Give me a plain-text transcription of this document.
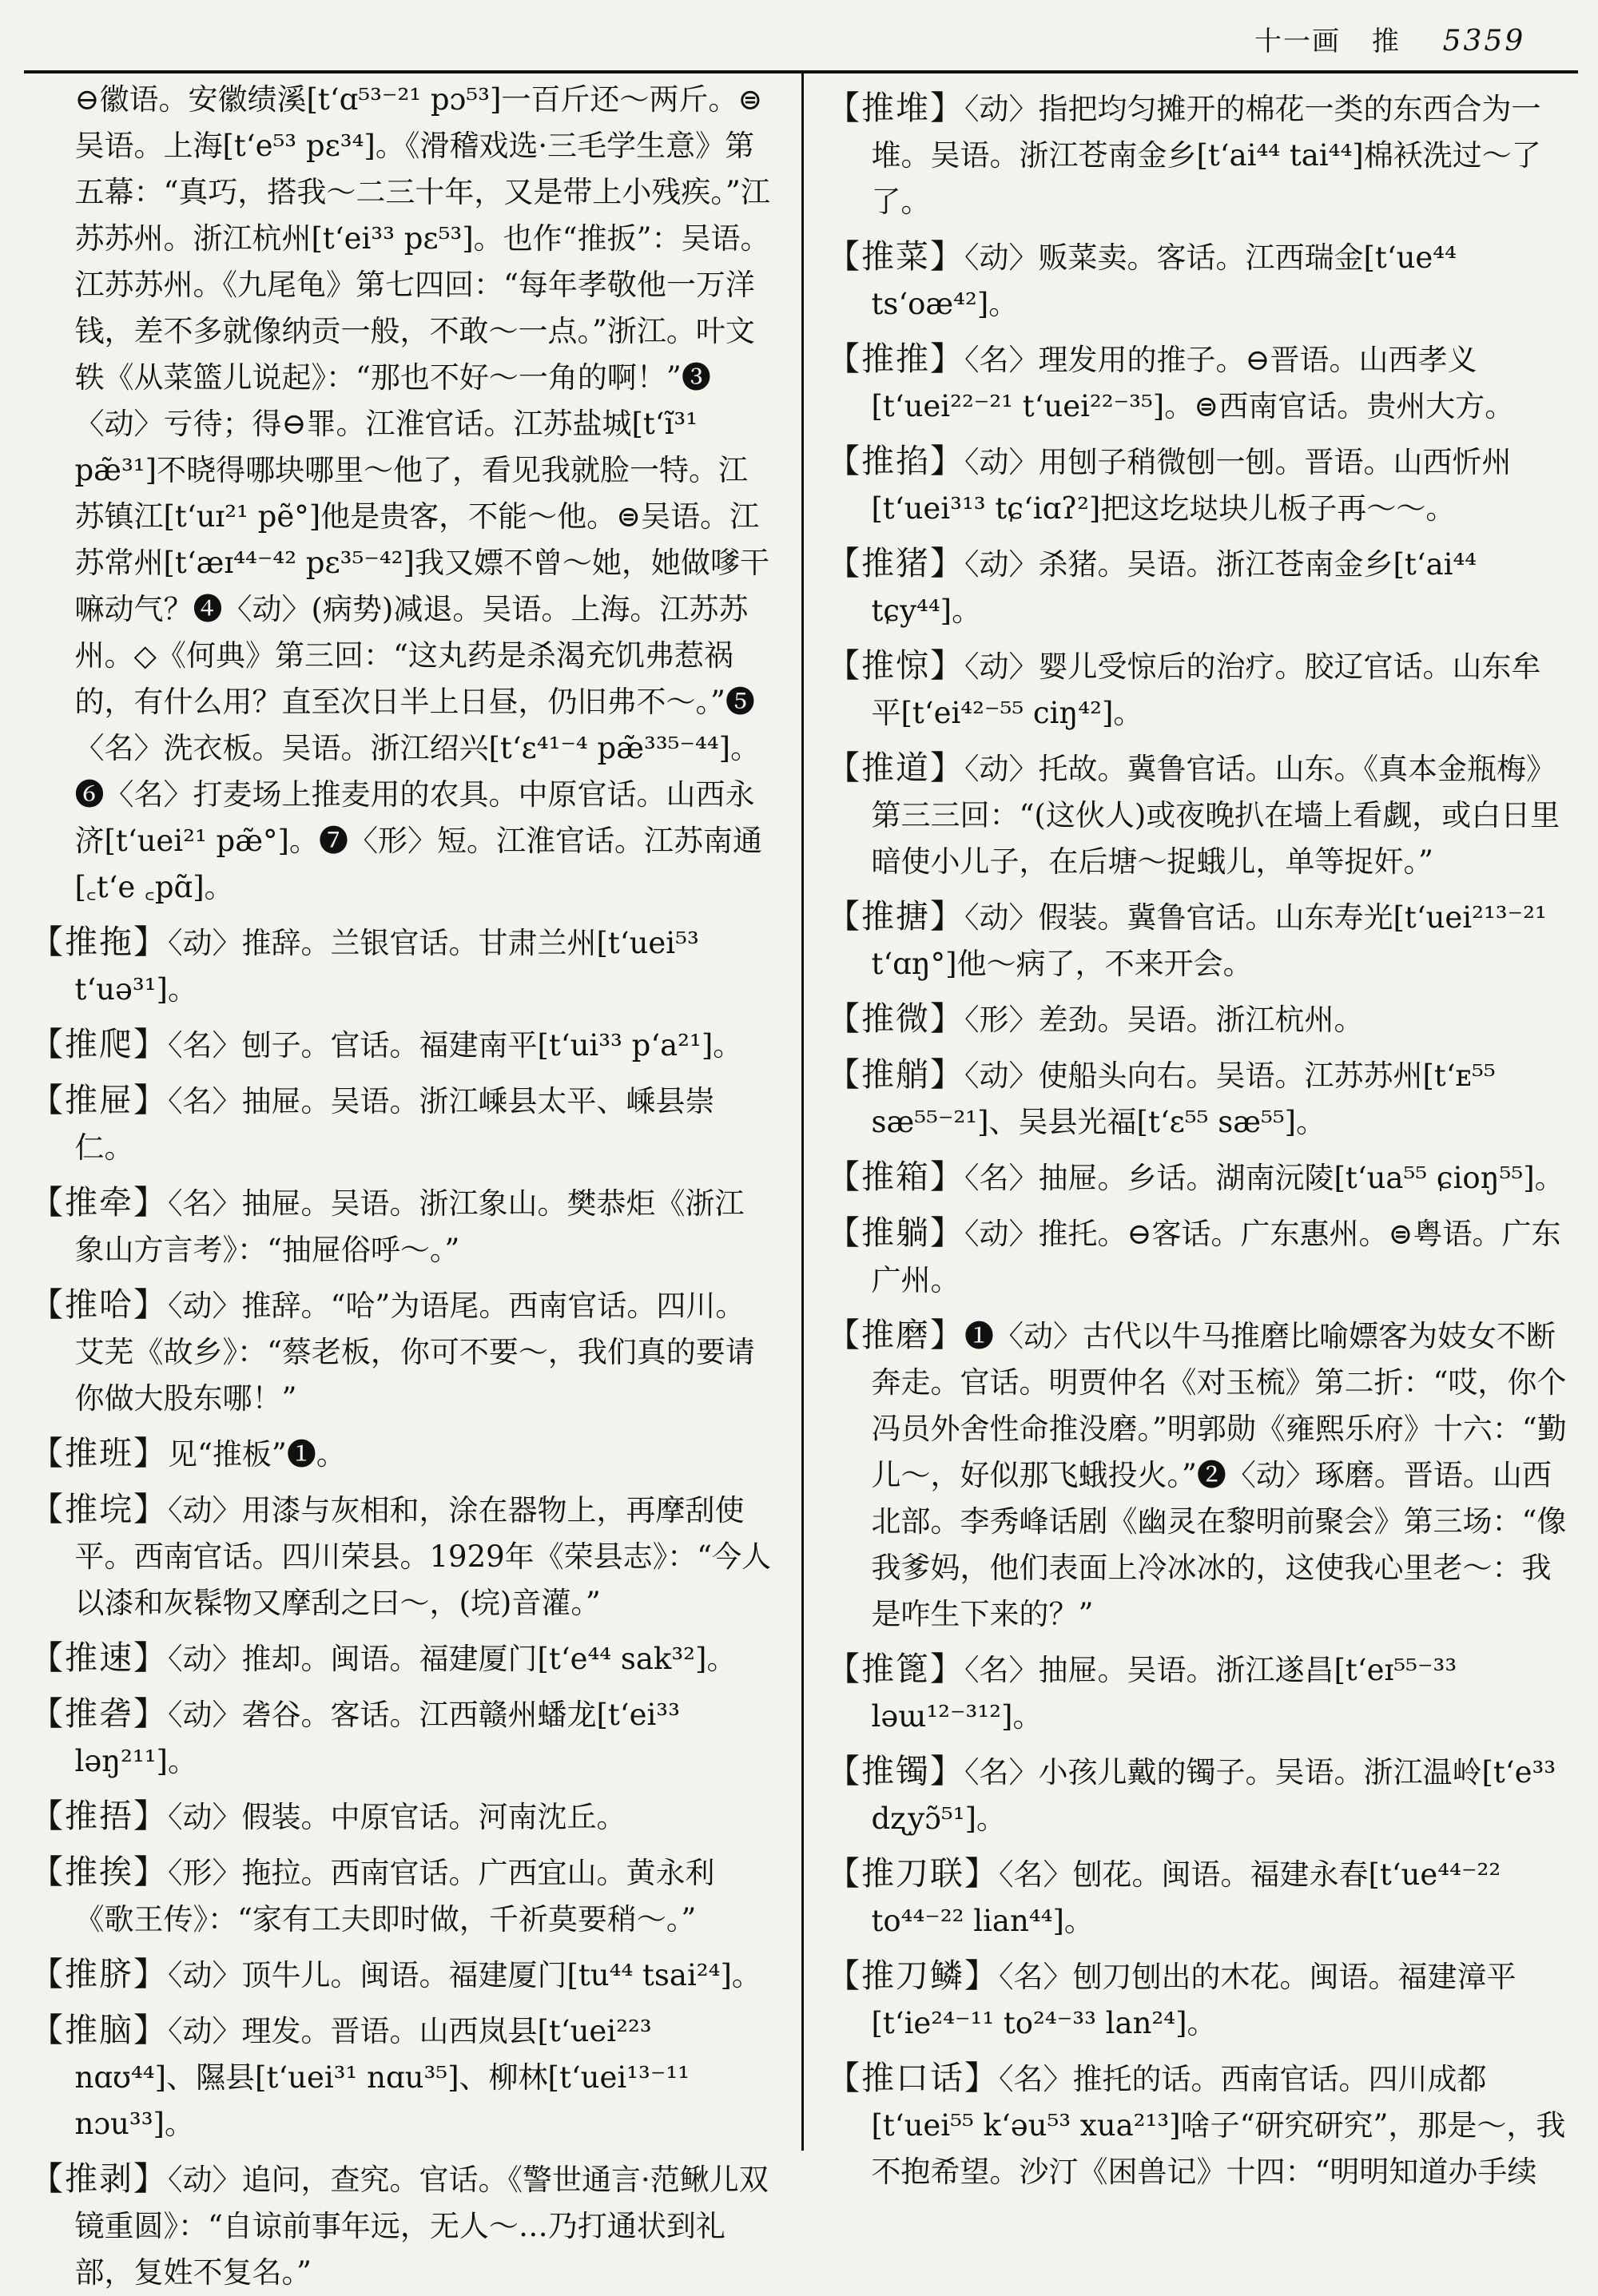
十一画 推 5359

⊖徽语。安徽绩溪[tʻɑ⁵³⁻²¹ pɔ⁵³]一百斤还～两斤。⊜吴语。上海[tʻe⁵³ pɛ³⁴]。《滑稽戏选·三毛学生意》第五幕：“真巧，搭我～二三十年，又是带上小残疾。”江苏苏州。浙江杭州[tʻei³³ pɛ⁵³]。也作“推扳”：吴语。江苏苏州。《九尾龟》第七四回：“每年孝敬他一万洋钱，差不多就像纳贡一般，不敢～一点。”浙江。叶文轶《从菜篮儿说起》：“那也不好～一角的啊！”❸〈动〉亏待；得⊖罪。江淮官话。江苏盐城[tʻĩ³¹ pæ̃³¹]不晓得哪块哪里～他了，看见我就脸一特。江苏镇江[tʻuɪ²¹ pẽ°]他是贵客，不能～他。⊜吴语。江苏常州[tʻæɪ⁴⁴⁻⁴² pɛ³⁵⁻⁴²]我又嫖不曾～她，她做嗲干嘛动气？❹〈动〉(病势)减退。吴语。上海。江苏苏州。◇《何典》第三回：“这丸药是杀渴充饥弗惹祸的，有什么用？直至次日半上日昼，仍旧弗不～。”❺〈名〉洗衣板。吴语。浙江绍兴[tʻɛ⁴¹⁻⁴ pæ̃³³⁵⁻⁴⁴]。❻〈名〉打麦场上推麦用的农具。中原官话。山西永济[tʻuei²¹ pæ̃°]。❼〈形〉短。江淮官话。江苏南通[꜀tʻe ꜀pɑ̃]。

【推拖】〈动〉推辞。兰银官话。甘肃兰州[tʻuei⁵³ tʻuə³¹]。

【推爬】〈名〉刨子。官话。福建南平[tʻui³³ pʻa²¹]。

【推屉】〈名〉抽屉。吴语。浙江嵊县太平、嵊县崇仁。

【推牵】〈名〉抽屉。吴语。浙江象山。樊恭炬《浙江象山方言考》：“抽屉俗呼～。”

【推哈】〈动〉推辞。“哈”为语尾。西南官话。四川。艾芜《故乡》：“蔡老板，你可不要～，我们真的要请你做大股东哪！”

【推班】见“推板”❶。

【推垸】〈动〉用漆与灰相和，涂在器物上，再摩刮使平。西南官话。四川荣县。1929年《荣县志》：“今人以漆和灰髹物又摩刮之曰～，(垸)音灌。”

【推速】〈动〉推却。闽语。福建厦门[tʻe⁴⁴ sak³²]。

【推砻】〈动〉砻谷。客话。江西赣州蟠龙[tʻei³³ ləŋ²¹¹]。

【推捂】〈动〉假装。中原官话。河南沈丘。

【推挨】〈形〉拖拉。西南官话。广西宜山。黄永利《歌王传》：“家有工夫即时做，千祈莫要稍～。”

【推脐】〈动〉顶牛儿。闽语。福建厦门[tu⁴⁴ tsai²⁴]。

【推脑】〈动〉理发。晋语。山西岚县[tʻuei²²³ nɑʊ⁴⁴]、隰县[tʻuei³¹ nɑu³⁵]、柳林[tʻuei¹³⁻¹¹ nɔu³³]。

【推剥】〈动〉追问，查究。官话。《警世通言·范鳅儿双镜重圆》：“自谅前事年远，无人～…乃打通状到礼部，复姓不复名。”

【推堆】〈动〉指把均匀摊开的棉花一类的东西合为一堆。吴语。浙江苍南金乡[tʻai⁴⁴ tai⁴⁴]棉袄洗过～了了。

【推菜】〈动〉贩菜卖。客话。江西瑞金[tʻue⁴⁴ tsʻoæ⁴²]。

【推推】〈名〉理发用的推子。⊖晋语。山西孝义[tʻuei²²⁻²¹ tʻuei²²⁻³⁵]。⊜西南官话。贵州大方。

【推掐】〈动〉用刨子稍微刨一刨。晋语。山西忻州[tʻuei³¹³ tɕʻiɑʔ²]把这圪垯块儿板子再～～。

【推猪】〈动〉杀猪。吴语。浙江苍南金乡[tʻai⁴⁴ tɕy⁴⁴]。

【推惊】〈动〉婴儿受惊后的治疗。胶辽官话。山东牟平[tʻei⁴²⁻⁵⁵ ciŋ⁴²]。

【推道】〈动〉托故。冀鲁官话。山东。《真本金瓶梅》第三三回：“(这伙人)或夜晚扒在墙上看觑，或白日里暗使小儿子，在后塘～捉蛾儿，单等捉奸。”

【推搪】〈动〉假装。冀鲁官话。山东寿光[tʻuei²¹³⁻²¹ tʻɑŋ°]他～病了，不来开会。

【推微】〈形〉差劲。吴语。浙江杭州。

【推艄】〈动〉使船头向右。吴语。江苏苏州[tʻᴇ⁵⁵ sæ⁵⁵⁻²¹]、吴县光福[tʻɛ⁵⁵ sæ⁵⁵]。

【推箱】〈名〉抽屉。乡话。湖南沅陵[tʻua⁵⁵ ɕioŋ⁵⁵]。

【推躺】〈动〉推托。⊖客话。广东惠州。⊜粤语。广东广州。

【推磨】❶〈动〉古代以牛马推磨比喻嫖客为妓女不断奔走。官话。明贾仲名《对玉梳》第二折：“哎，你个冯员外舍性命推没磨。”明郭勋《雍熙乐府》十六：“勤儿～，好似那飞蛾投火。”❷〈动〉琢磨。晋语。山西北部。李秀峰话剧《幽灵在黎明前聚会》第三场：“像我爹妈，他们表面上冷冰冰的，这使我心里老～：我是咋生下来的？”

【推篦】〈名〉抽屉。吴语。浙江遂昌[tʻeɪ⁵⁵⁻³³ ləɯ¹²⁻³¹²]。

【推镯】〈名〉小孩儿戴的镯子。吴语。浙江温岭[tʻe³³ dʐyɔ̃⁵¹]。

【推刀联】〈名〉刨花。闽语。福建永春[tʻue⁴⁴⁻²² to⁴⁴⁻²² lian⁴⁴]。

【推刀鳞】〈名〉刨刀刨出的木花。闽语。福建漳平[tʻie²⁴⁻¹¹ to²⁴⁻³³ lan²⁴]。

【推口话】〈名〉推托的话。西南官话。四川成都[tʻuei⁵⁵ kʻəu⁵³ xua²¹³]啥子“研究研究”，那是～，我不抱希望。沙汀《困兽记》十四：“明明知道办手续
